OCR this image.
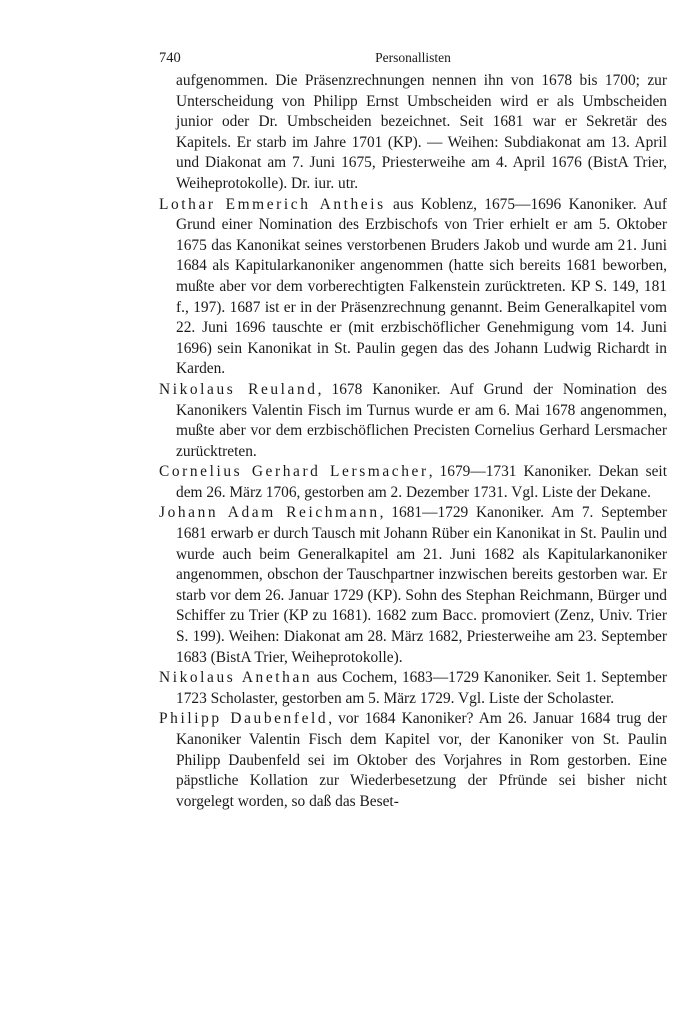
740	Personallisten

aufgenommen. Die Präsenzrechnungen nennen ihn von 1678 bis 1700; zur Unterscheidung von Philipp Ernst Umbscheiden wird er als Umbscheiden junior oder Dr. Umbscheiden bezeichnet. Seit 1681 war er Sekretär des Kapitels. Er starb im Jahre 1701 (KP). — Weihen: Subdiakonat am 13. April und Diakonat am 7. Juni 1675, Priesterweihe am 4. April 1676 (BistA Trier, Weiheprotokolle). Dr. iur. utr.

Lothar Emmerich Antheis aus Koblenz, 1675—1696 Kanoniker. Auf Grund einer Nomination des Erzbischofs von Trier erhielt er am 5. Oktober 1675 das Kanonikat seines verstorbenen Bruders Jakob und wurde am 21. Juni 1684 als Kapitularkanoniker angenommen (hatte sich bereits 1681 beworben, mußte aber vor dem vorberechtigten Falkenstein zurücktreten. KP S. 149, 181 f., 197). 1687 ist er in der Präsenzrechnung genannt. Beim Generalkapitel vom 22. Juni 1696 tauschte er (mit erzbischöflicher Genehmigung vom 14. Juni 1696) sein Kanonikat in St. Paulin gegen das des Johann Ludwig Richardt in Karden.

Nikolaus Reuland, 1678 Kanoniker. Auf Grund der Nomination des Kanonikers Valentin Fisch im Turnus wurde er am 6. Mai 1678 angenommen, mußte aber vor dem erzbischöflichen Precisten Cornelius Gerhard Lersmacher zurücktreten.

Cornelius Gerhard Lersmacher, 1679—1731 Kanoniker. Dekan seit dem 26. März 1706, gestorben am 2. Dezember 1731. Vgl. Liste der Dekane.

Johann Adam Reichmann, 1681—1729 Kanoniker. Am 7. September 1681 erwarb er durch Tausch mit Johann Rüber ein Kanonikat in St. Paulin und wurde auch beim Generalkapitel am 21. Juni 1682 als Kapitularkanoniker angenommen, obschon der Tauschpartner inzwischen bereits gestorben war. Er starb vor dem 26. Januar 1729 (KP). Sohn des Stephan Reichmann, Bürger und Schiffer zu Trier (KP zu 1681). 1682 zum Bacc. promoviert (Zenz, Univ. Trier S. 199). Weihen: Diakonat am 28. März 1682, Priesterweihe am 23. September 1683 (BistA Trier, Weiheprotokolle).

Nikolaus Anethan aus Cochem, 1683—1729 Kanoniker. Seit 1. September 1723 Scholaster, gestorben am 5. März 1729. Vgl. Liste der Scholaster.

Philipp Daubenfeld, vor 1684 Kanoniker? Am 26. Januar 1684 trug der Kanoniker Valentin Fisch dem Kapitel vor, der Kanoniker von St. Paulin Philipp Daubenfeld sei im Oktober des Vorjahres in Rom gestorben. Eine päpstliche Kollation zur Wiederbesetzung der Pfründe sei bisher nicht vorgelegt worden, so daß das Beset-
